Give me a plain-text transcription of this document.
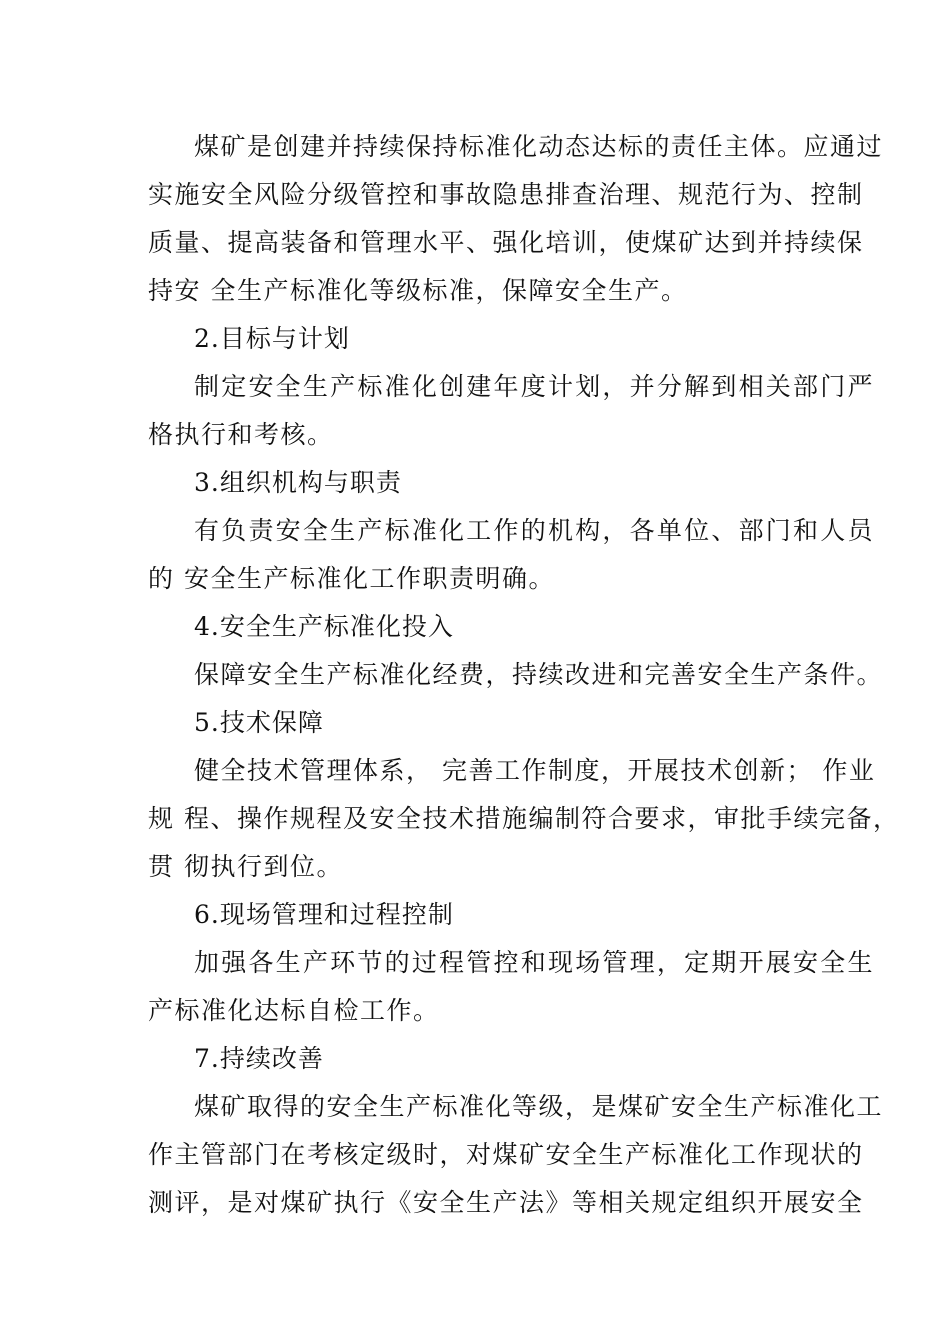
煤矿是创建并持续保持标准化动态达标的责任主体。应通过
实施安全风险分级管控和事故隐患排查治理、规范行为、控制
质量、提高装备和管理水平、强化培训，使煤矿达到并持续保
持安 全生产标准化等级标准，保障安全生产。
2.目标与计划
制定安全生产标准化创建年度计划，并分解到相关部门严
格执行和考核。
3.组织机构与职责
有负责安全生产标准化工作的机构，各单位、部门和人员
的 安全生产标准化工作职责明确。
4.安全生产标准化投入
保障安全生产标准化经费，持续改进和完善安全生产条件。
5.技术保障
健全技术管理体系， 完善工作制度，开展技术创新； 作业
规 程、操作规程及安全技术措施编制符合要求，审批手续完备，
贯 彻执行到位。
6.现场管理和过程控制
加强各生产环节的过程管控和现场管理，定期开展安全生
产标准化达标自检工作。
7.持续改善
煤矿取得的安全生产标准化等级，是煤矿安全生产标准化工
作主管部门在考核定级时，对煤矿安全生产标准化工作现状的
测评，是对煤矿执行《安全生产法》等相关规定组织开展安全
